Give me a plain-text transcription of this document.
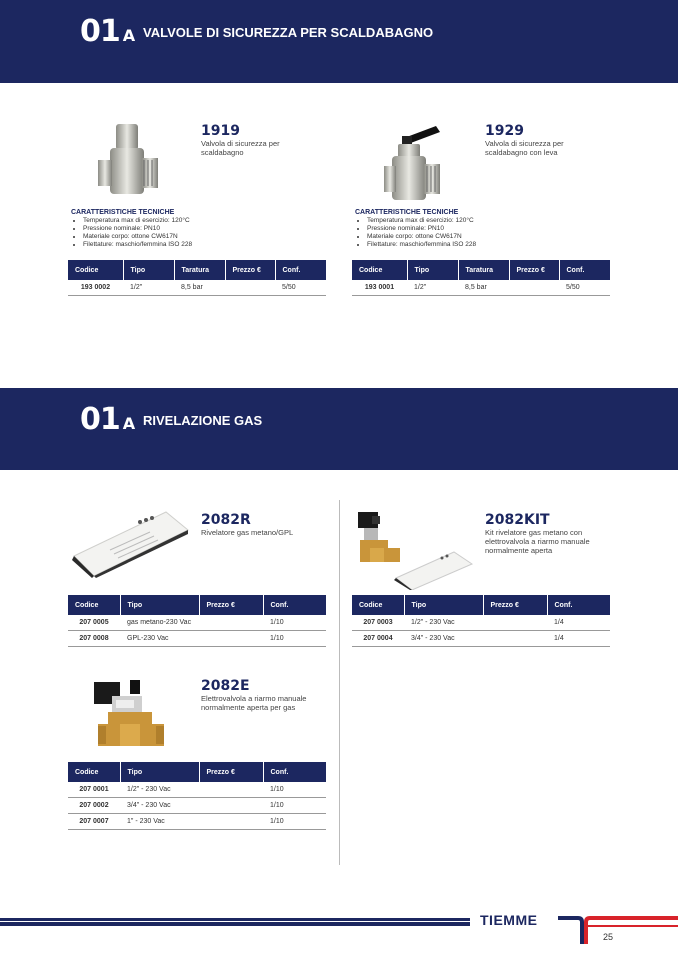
01 A VALVOLE DI SICUREZZA PER SCALDABAGNO
1919
Valvola di sicurezza per scaldabagno
CARATTERISTICHE TECNICHE
• Temperatura max di esercizio: 120°C
• Pressione nominale: PN10
• Materiale corpo: ottone CW617N
• Filettature: maschio/femmina ISO 228
Codice	Tipo	Taratura	Prezzo €	Conf.
193 0002	1/2"	8,5 bar		5/50
1929
Valvola di sicurezza per scaldabagno con leva
CARATTERISTICHE TECNICHE
• Temperatura max di esercizio: 120°C
• Pressione nominale: PN10
• Materiale corpo: ottone CW617N
• Filettature: maschio/femmina ISO 228
Codice	Tipo	Taratura	Prezzo €	Conf.
193 0001	1/2"	8,5 bar		5/50
01 A RIVELAZIONE GAS
2082R
Rivelatore gas metano/GPL
Codice	Tipo	Prezzo €	Conf.
207 0005	gas metano-230 Vac		1/10
207 0008	GPL-230 Vac		1/10
2082KIT
Kit rivelatore gas metano con elettrovalvola a riarmo manuale normalmente aperta
Codice	Tipo	Prezzo €	Conf.
207 0003	1/2" - 230 Vac		1/4
207 0004	3/4" - 230 Vac		1/4
2082E
Elettrovalvola a riarmo manuale normalmente aperta per gas
Codice	Tipo	Prezzo €	Conf.
207 0001	1/2" - 230 Vac		1/10
207 0002	3/4" - 230 Vac		1/10
207 0007	1" - 230 Vac		1/10
TIEMME
25
